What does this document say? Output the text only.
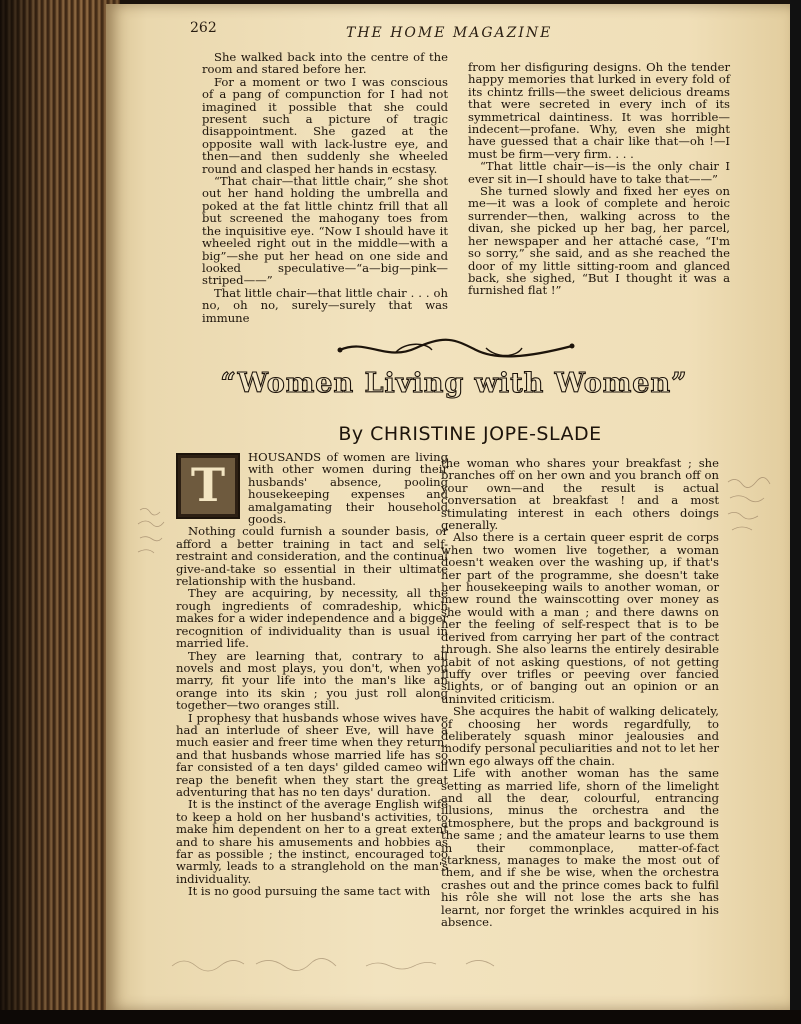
262	THE HOME MAGAZINE

She walked back into the centre of the room and stared before her.

For a moment or two I was conscious of a pang of compunction for I had not imagined it possible that she could present such a picture of tragic disappointment. She gazed at the opposite wall with lack-lustre eye, and then—and then suddenly she wheeled round and clasped her hands in ecstasy.

“That chair—that little chair,” she shot out her hand holding the umbrella and poked at the fat little chintz frill that all but screened the mahogany toes from the inquisitive eye. “Now I should have it wheeled right out in the middle—with a big”—she put her head on one side and looked speculative—“a—big—pink—striped——”

That little chair—that little chair . . . oh no, oh no, surely—surely that was immune

from her disfiguring designs. Oh the tender happy memories that lurked in every fold of its chintz frills—the sweet delicious dreams that were secreted in every inch of its symmetrical daintiness. It was horrible—indecent—profane. Why, even she might have guessed that a chair like that—oh !—I must be firm—very firm. . . .

“That little chair—is—is the only chair I ever sit in—I should have to take that——”

She turned slowly and fixed her eyes on me—it was a look of complete and heroic surrender—then, walking across to the divan, she picked up her bag, her parcel, her newspaper and her attaché case, “I'm so sorry,” she said, and as she reached the door of my little sitting-room and glanced back, she sighed, “But I thought it was a furnished flat !”

“Women Living with Women”
By CHRISTINE JOPE-SLADE

T
HOUSANDS of women are living with other women during their husbands' absence, pooling housekeeping expenses and amalgamating their household goods.

Nothing could furnish a sounder basis, or afford a better training in tact and self-restraint and consideration, and the continual give-and-take so essential in their ultimate relationship with the husband.

They are acquiring, by necessity, all the rough ingredients of comradeship, which makes for a wider independence and a bigger recognition of individuality than is usual in married life.

They are learning that, contrary to all novels and most plays, you don't, when you marry, fit your life into the man's like an orange into its skin ; you just roll along together—two oranges still.

I prophesy that husbands whose wives have had an interlude of sheer Eve, will have a much easier and freer time when they return, and that husbands whose married life has so far consisted of a ten days' gilded cameo will reap the benefit when they start the great adventuring that has no ten days' duration.

It is the instinct of the average English wife to keep a hold on her husband's activities, to make him dependent on her to a great extent and to share his amusements and hobbies as far as possible ; the instinct, encouraged too warmly, leads to a stranglehold on the man's individuality.

It is no good pursuing the same tact with

the woman who shares your breakfast ; she branches off on her own and you branch off on your own—and the result is actual conversation at breakfast ! and a most stimulating interest in each others doings generally.

Also there is a certain queer esprit de corps when two women live together, a woman doesn't weaken over the washing up, if that's her part of the programme, she doesn't take her housekeeping wails to another woman, or mew round the wainscotting over money as she would with a man ; and there dawns on her the feeling of self-respect that is to be derived from carrying her part of the contract through. She also learns the entirely desirable habit of not asking questions, of not getting fluffy over trifles or peeving over fancied slights, or of banging out an opinion or an uninvited criticism.

She acquires the habit of walking delicately, of choosing her words regardfully, to deliberately squash minor jealousies and modify personal peculiarities and not to let her own ego always off the chain.

Life with another woman has the same setting as married life, shorn of the limelight and all the dear, colourful, entrancing illusions, minus the orchestra and the atmosphere, but the props and background is the same ; and the amateur learns to use them in their commonplace, matter-of-fact starkness, manages to make the most out of them, and if she be wise, when the orchestra crashes out and the prince comes back to fulfil his rôle she will not lose the arts she has learnt, nor forget the wrinkles acquired in his absence.
